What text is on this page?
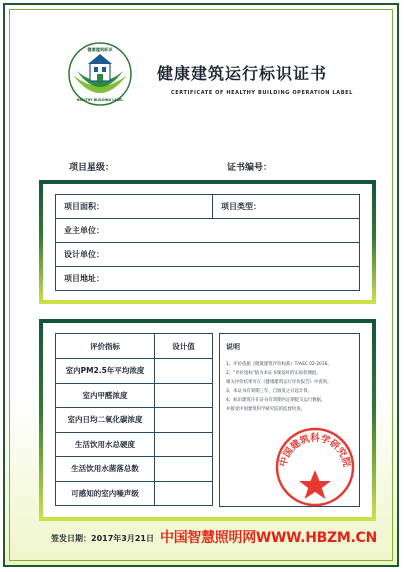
健康建筑标识
HEALTHY BUILDING LABEL
健康建筑运行标识证书
CERTIFICATE OF HEALTHY BUILDING OPERATION LABEL
项目星级：	证书编号：
项目面积：	项目类型：
业主单位：
设计单位：
项目地址：
评价指标	设计值
室内PM2.5年平均浓度	
室内甲醛浓度	
室内日均二氧化碳浓度	
生活饮用水总硬度	
生活饮用水菌落总数	
可感知的室内噪声级	
说明
1、评价依据《健康建筑评价标准》T/ASC 02-2016。
2、"评价指标"值为本证书颁发时的实际检测值，
相关评价结果可在《健康建筑运行评价报告》中查询。
3、本证书有效期三年，自颁发之日起计算。
4、标识建筑应在证书有效期内定期提交运行数据，
并接受中国建筑科学研究院的监督检查。
中国建筑科学研究院
签发日期：2017年3月21日 中国智慧照明网WWW.HBZM.CN
